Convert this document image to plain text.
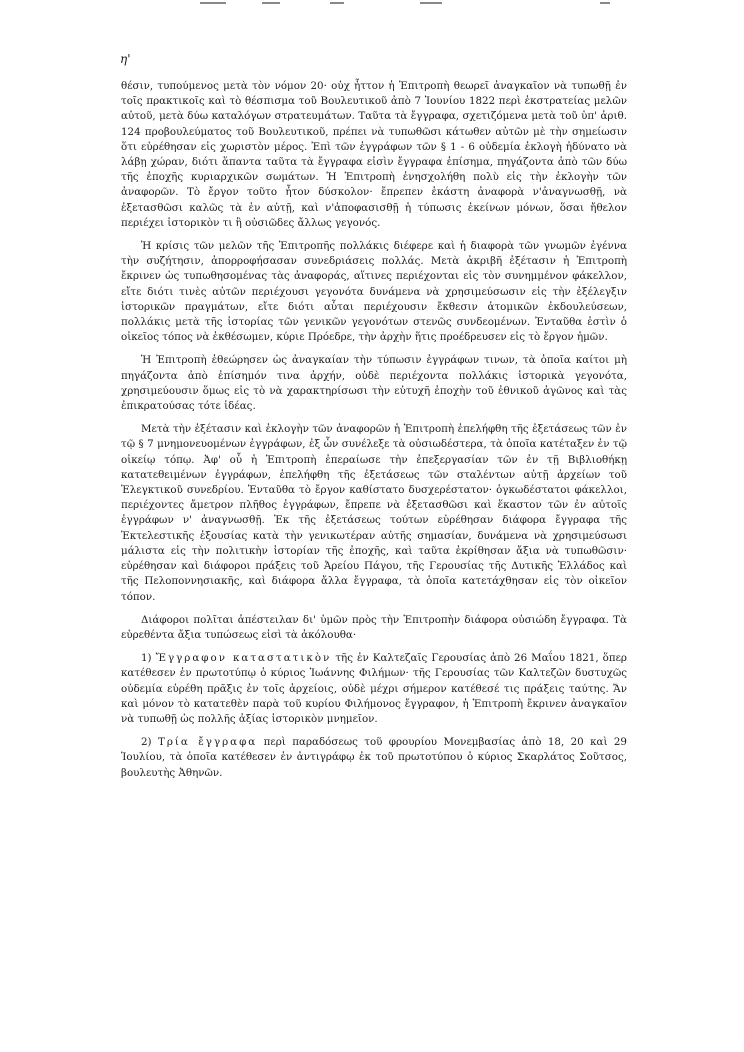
η'

θέσιν, τυπούμενος μετὰ τὸν νόμον 20· οὐχ ἧττον ἡ Ἐπιτροπὴ θεωρεῖ ἀναγκαῖον νὰ τυπωθῇ ἐν τοῖς πρακτικοῖς καὶ τὸ θέσπισμα τοῦ Βουλευτικοῦ ἀπὸ 7 Ἰουνίου 1822 περὶ ἐκστρατείας μελῶν αὐτοῦ, μετὰ δύω καταλόγων στρατευμάτων. Ταῦτα τὰ ἔγγραφα, σχετιζόμενα μετὰ τοῦ ὑπ' ἀριθ. 124 προβουλεύματος τοῦ Βουλευτικοῦ, πρέπει νὰ τυπωθῶσι κάτωθεν αὐτῶν μὲ τὴν σημείωσιν ὅτι εὑρέθησαν εἰς χωριστὸν μέρος. Ἐπὶ τῶν ἐγγράφων τῶν § 1 - 6 οὐδεμία ἐκλογὴ ἠδύνατο νὰ λάβῃ χώραν, διότι ἅπαντα ταῦτα τὰ ἔγγραφα εἰσὶν ἔγγραφα ἐπίσημα, πηγάζοντα ἀπὸ τῶν δύω τῆς ἐποχῆς κυριαρχικῶν σωμάτων. Ἡ Ἐπιτροπὴ ἐνησχολήθη πολὺ εἰς τὴν ἐκλογὴν τῶν ἀναφορῶν. Τὸ ἔργον τοῦτο ἦτον δύσκολον· ἔπρεπεν ἑκάστη ἀναφορὰ ν'ἀναγνωσθῇ, νὰ ἐξετασθῶσι καλῶς τὰ ἐν αὐτῇ, καὶ ν'ἀποφασισθῇ ἡ τύπωσις ἐκείνων μόνων, ὅσαι ἤθελον περιέχει ἱστορικὸν τι ἢ οὐσιῶδες ἄλλως γεγονός.

Ἡ κρίσις τῶν μελῶν τῆς Ἐπιτροπῆς πολλάκις διέφερε καὶ ἡ διαφορὰ τῶν γνωμῶν ἐγέννα τὴν συζήτησιν, ἀπορροφήσασαν συνεδριάσεις πολλάς. Μετὰ ἀκριβῆ ἐξέτασιν ἡ Ἐπιτροπὴ ἔκρινεν ὡς τυπωθησομένας τὰς ἀναφοράς, αἵτινες περιέχονται εἰς τὸν συνημμένον φάκελλον, εἴτε διότι τινὲς αὐτῶν περιέχουσι γεγονότα δυνάμενα νὰ χρησιμεύσωσιν εἰς τὴν ἐξέλεγξιν ἱστορικῶν πραγμάτων, εἴτε διότι αὗται περιέχουσιν ἔκθεσιν ἀτομικῶν ἐκδουλεύσεων, πολλάκις μετὰ τῆς ἱστορίας τῶν γενικῶν γεγονότων στενῶς συνδεομένων. Ἐνταῦθα ἐστὶν ὁ οἰκεῖος τόπος νὰ ἐκθέσωμεν, κύριε Πρόεδρε, τὴν ἀρχὴν ἥτις προέδρευσεν εἰς τὸ ἔργον ἡμῶν.

Ἡ Ἐπιτροπὴ ἐθεώρησεν ὡς ἀναγκαίαν τὴν τύπωσιν ἐγγράφων τινων, τὰ ὁποῖα καίτοι μὴ πηγάζοντα ἀπὸ ἐπίσημόν τινα ἀρχήν, οὐδὲ περιέχοντα πολλάκις ἱστορικὰ γεγονότα, χρησιμεύουσιν ὅμως εἰς τὸ νὰ χαρακτηρίσωσι τὴν εὐτυχῆ ἐποχὴν τοῦ ἐθνικοῦ ἀγῶνος καὶ τὰς ἐπικρατούσας τότε ἰδέας.

Μετὰ τὴν ἐξέτασιν καὶ ἐκλογὴν τῶν ἀναφορῶν ἡ Ἐπιτροπὴ ἐπελήφθη τῆς ἐξετάσεως τῶν ἐν τῷ § 7 μνημονευομένων ἐγγράφων, ἐξ ὧν συνέλεξε τὰ οὐσιωδέστερα, τὰ ὁποῖα κατέταξεν ἐν τῷ οἰκείῳ τόπῳ. Ἀφ' οὗ ἡ Ἐπιτροπὴ ἐπεραίωσε τὴν ἐπεξεργασίαν τῶν ἐν τῇ Βιβλιοθήκῃ κατατεθειμένων ἐγγράφων, ἐπελήφθη τῆς ἐξετάσεως τῶν σταλέντων αὐτῇ ἀρχείων τοῦ Ἐλεγκτικοῦ συνεδρίου. Ἐνταῦθα τὸ ἔργον καθίστατο δυσχερέστατον· ὀγκωδέστατοι φάκελλοι, περιέχοντες ἄμετρον πλῆθος ἐγγράφων, ἔπρεπε νὰ ἐξετασθῶσι καὶ ἕκαστον τῶν ἐν αὐτοῖς ἐγγράφων ν' ἀναγνωσθῇ. Ἐκ τῆς ἐξετάσεως τούτων εὑρέθησαν διάφορα ἔγγραφα τῆς Ἐκτελεστικῆς ἐξουσίας κατὰ τὴν γενικωτέραν αὐτῆς σημασίαν, δυνάμενα νὰ χρησιμεύσωσι μάλιστα εἰς τὴν πολιτικὴν ἱστορίαν τῆς ἐποχῆς, καὶ ταῦτα ἐκρίθησαν ἄξια νὰ τυπωθῶσιν· εὑρέθησαν καὶ διάφοροι πράξεις τοῦ Ἀρείου Πάγου, τῆς Γερουσίας τῆς Δυτικῆς Ἑλλάδος καὶ τῆς Πελοποννησιακῆς, καὶ διάφορα ἄλλα ἔγγραφα, τὰ ὁποῖα κατετάχθησαν εἰς τὸν οἰκεῖον τόπον.

Διάφοροι πολῖται ἀπέστειλαν δι' ὑμῶν πρὸς τὴν Ἐπιτροπὴν διάφορα οὐσιώδη ἔγγραφα. Τὰ εὑρεθέντα ἄξια τυπώσεως εἰσὶ τὰ ἀκόλουθα·

1) Ἔγγραφον καταστατικὸν τῆς ἐν Καλτεζαῖς Γερουσίας ἀπὸ 26 Μαΐου 1821, ὅπερ κατέθεσεν ἐν πρωτοτύπῳ ὁ κύριος Ἰωάννης Φιλήμων· τῆς Γερουσίας τῶν Καλτεζῶν δυστυχῶς οὐδεμία εὑρέθη πρᾶξις ἐν τοῖς ἀρχείοις, οὐδὲ μέχρι σήμερον κατέθεσέ τις πράξεις ταύτης. Ἄν καὶ μόνον τὸ κατατεθὲν παρὰ τοῦ κυρίου Φιλήμονος ἔγγραφον, ἡ Ἐπιτροπὴ ἔκρινεν ἀναγκαῖον νὰ τυπωθῇ ὡς πολλῆς ἀξίας ἱστορικὸν μνημεῖον.

2) Τρία ἔγγραφα περὶ παραδόσεως τοῦ φρουρίου Μονεμβασίας ἀπὸ 18, 20 καὶ 29 Ἰουλίου, τὰ ὁποῖα κατέθεσεν ἐν ἀντιγράφῳ ἐκ τοῦ πρωτοτύπου ὁ κύριος Σκαρλάτος Σοῦτσος, βουλευτὴς Ἀθηνῶν.
